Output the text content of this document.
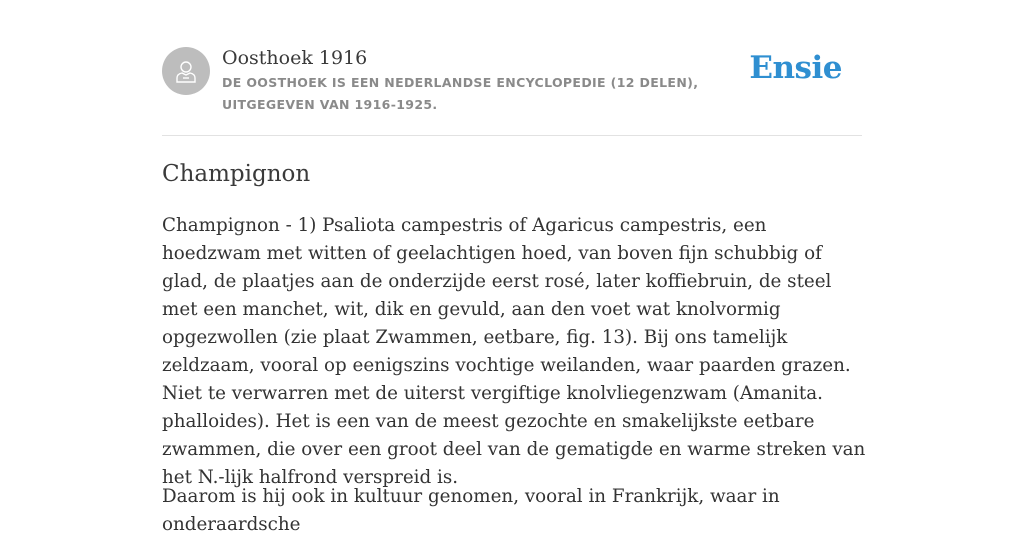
Oosthoek 1916
DE OOSTHOEK IS EEN NEDERLANDSE ENCYCLOPEDIE (12 DELEN), UITGEGEVEN VAN 1916-1925.
Ensie
Champignon

Champignon - 1) Psaliota campestris of Agaricus campestris, een hoedzwam met witten of geelachtigen hoed, van boven fijn schubbig of glad, de plaatjes aan de onderzijde eerst rosé, later koffiebruin, de steel met een manchet, wit, dik en gevuld, aan den voet wat knolvormig opgezwollen (zie plaat Zwammen, eetbare, fig. 13). Bij ons tamelijk zeldzaam, vooral op eenigszins vochtige weilanden, waar paarden grazen. Niet te verwarren met de uiterst vergiftige knolvliegenzwam (Amanita. phalloides). Het is een van de meest gezochte en smakelijkste eetbare zwammen, die over een groot deel van de gematigde en warme streken van het N.-lijk halfrond verspreid is.

Daarom is hij ook in kultuur genomen, vooral in Frankrijk, waar in onderaardsche
